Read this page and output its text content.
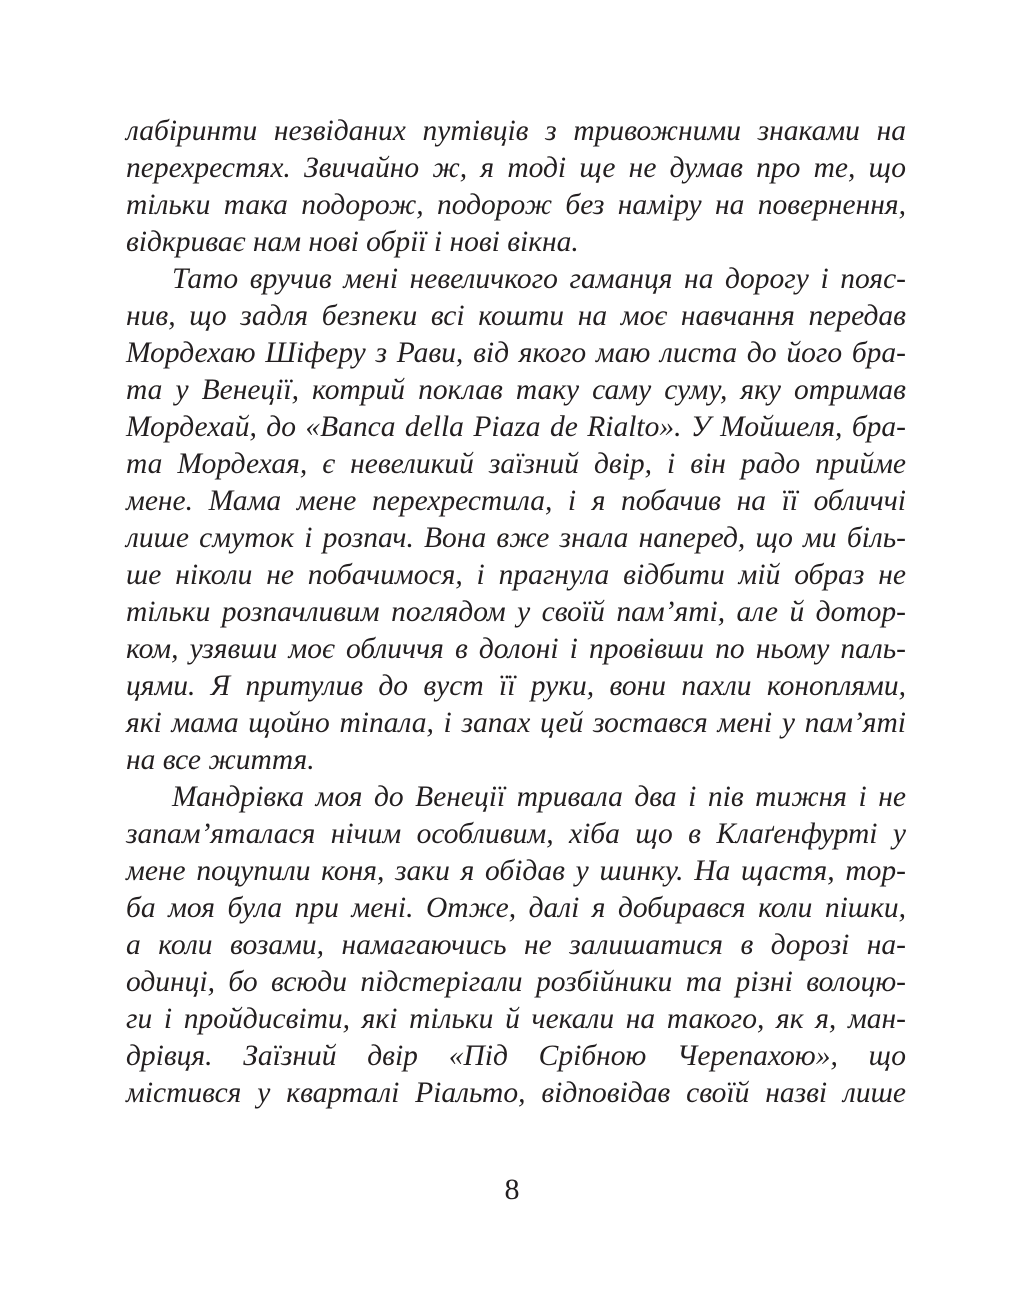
лабіринти незвіданих путівців з тривожними знаками на
перехрестях. Звичайно ж, я тоді ще не думав про те, що
тільки така подорож, подорож без наміру на повернення,
відкриває нам нові обрії і нові вікна.
Тато вручив мені невеличкого гаманця на дорогу і пояс-
нив, що задля безпеки всі кошти на моє навчання передав
Мордехаю Шіферу з Рави, від якого маю листа до його бра-
та у Венеції, котрий поклав таку саму суму, яку отримав
Мордехай, до «Banca della Piaza de Rialto». У Мойшеля, бра-
та Мордехая, є невеликий заїзний двір, і він радо прийме
мене. Мама мене перехрестила, і я побачив на її обличчі
лише смуток і розпач. Вона вже знала наперед, що ми біль-
ше ніколи не побачимося, і прагнула відбити мій образ не
тільки розпачливим поглядом у своїй пам’яті, але й дотор-
ком, узявши моє обличчя в долоні і провівши по ньому паль-
цями. Я притулив до вуст її руки, вони пахли коноплями,
які мама щойно тіпала, і запах цей зостався мені у пам’яті
на все життя.
Мандрівка моя до Венеції тривала два і пів тижня і не
запам’яталася нічим особливим, хіба що в Клаґенфурті у
мене поцупили коня, заки я обідав у шинку. На щастя, тор-
ба моя була при мені. Отже, далі я добирався коли пішки,
а коли возами, намагаючись не залишатися в дорозі на-
одинці, бо всюди підстерігали розбійники та різні волоцю-
ги і пройдисвіти, які тільки й чекали на такого, як я, ман-
дрівця. Заїзний двір «Під Срібною Черепахою», що
містився у кварталі Ріальто, відповідав своїй назві лише
8
